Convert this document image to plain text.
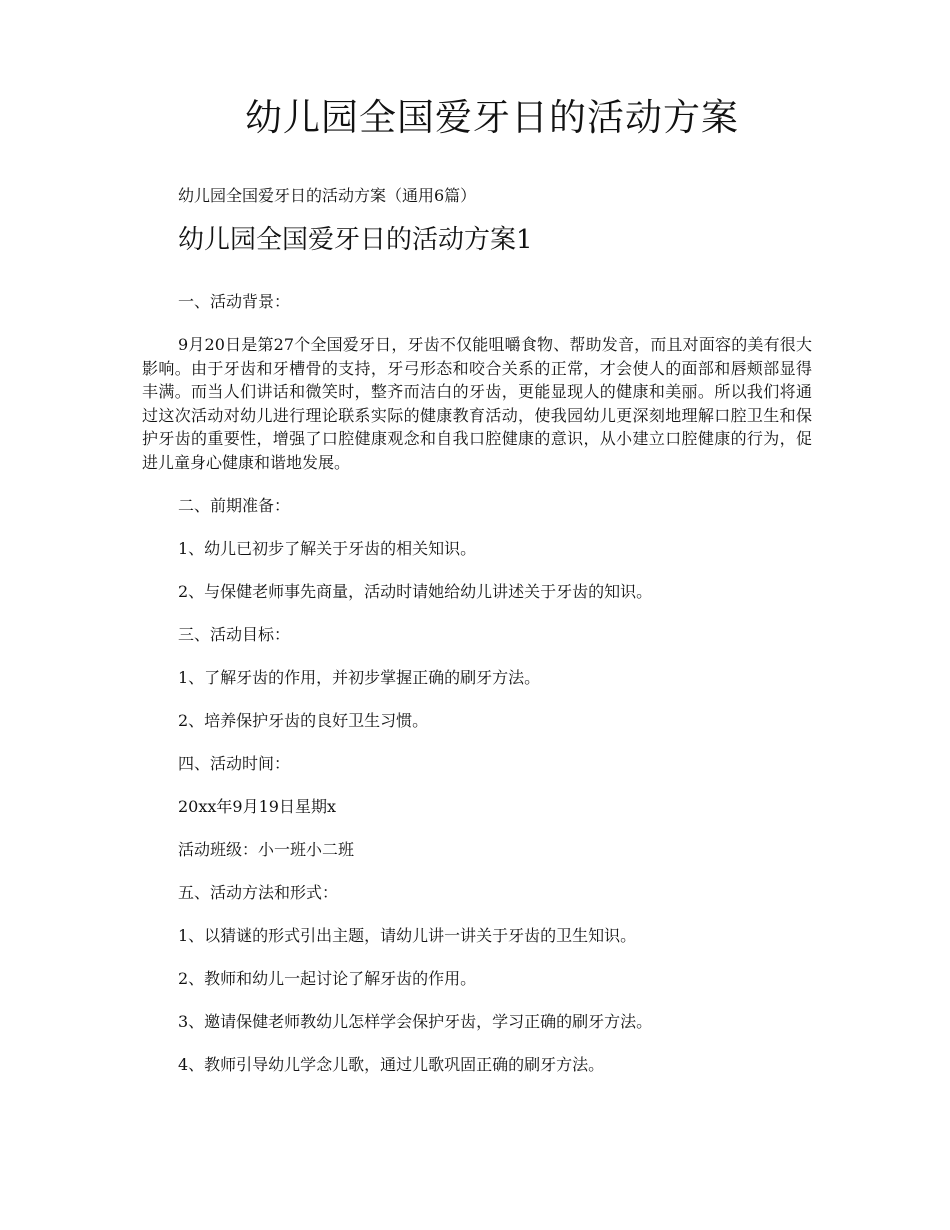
幼儿园全国爱牙日的活动方案

幼儿园全国爱牙日的活动方案（通用6篇）

幼儿园全国爱牙日的活动方案1

一、活动背景：

9月20日是第27个全国爱牙日，牙齿不仅能咀嚼食物、帮助发音，而且对面容的美有很大影响。由于牙齿和牙槽骨的支持，牙弓形态和咬合关系的正常，才会使人的面部和唇颊部显得丰满。而当人们讲话和微笑时，整齐而洁白的牙齿，更能显现人的健康和美丽。所以我们将通过这次活动对幼儿进行理论联系实际的健康教育活动，使我园幼儿更深刻地理解口腔卫生和保护牙齿的重要性，增强了口腔健康观念和自我口腔健康的意识，从小建立口腔健康的行为，促进儿童身心健康和谐地发展。

二、前期准备：

1、幼儿已初步了解关于牙齿的相关知识。

2、与保健老师事先商量，活动时请她给幼儿讲述关于牙齿的知识。

三、活动目标：

1、了解牙齿的作用，并初步掌握正确的刷牙方法。

2、培养保护牙齿的良好卫生习惯。

四、活动时间：

20xx年9月19日星期x

活动班级：小一班小二班

五、活动方法和形式：

1、以猜谜的形式引出主题，请幼儿讲一讲关于牙齿的卫生知识。

2、教师和幼儿一起讨论了解牙齿的作用。

3、邀请保健老师教幼儿怎样学会保护牙齿，学习正确的刷牙方法。

4、教师引导幼儿学念儿歌，通过儿歌巩固正确的刷牙方法。
